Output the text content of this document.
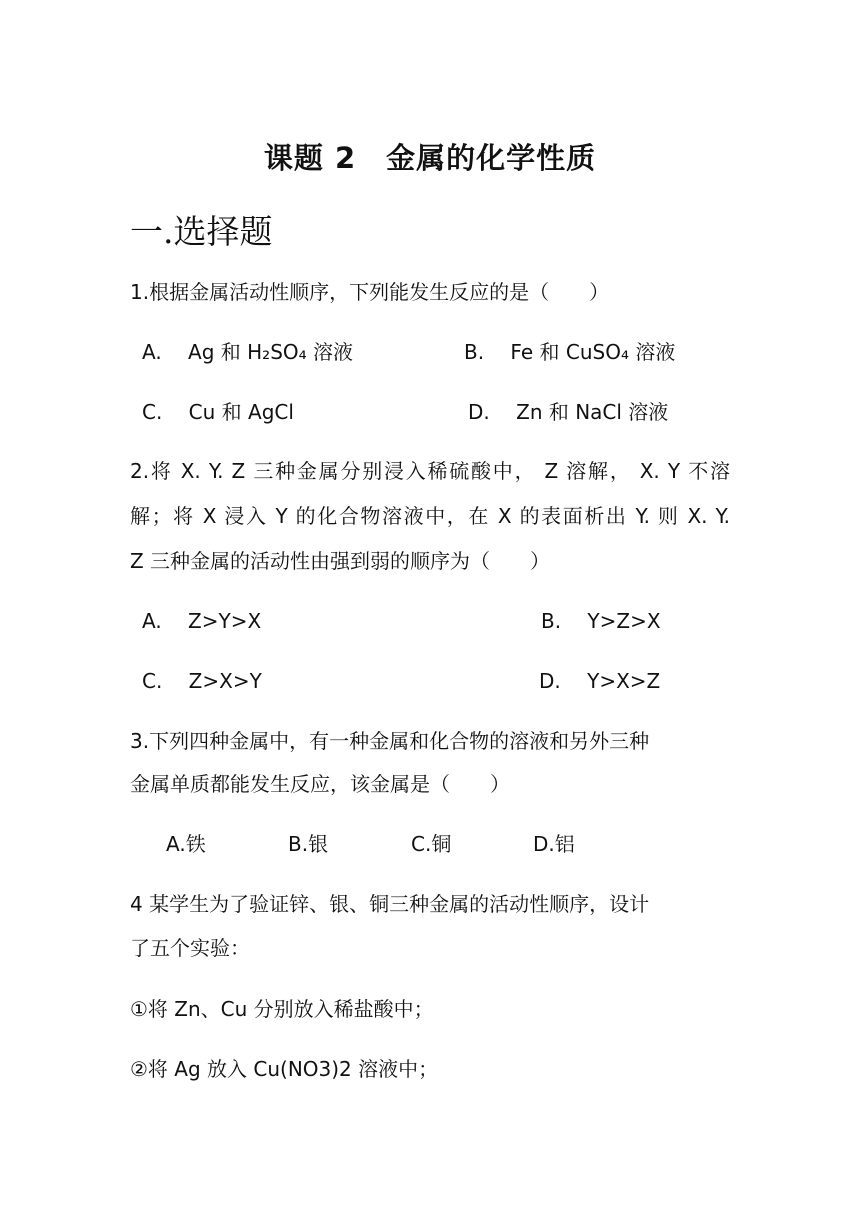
课题 2　金属的化学性质
一.选择题
1.根据金属活动性顺序，下列能发生反应的是（　　）
A.　 Ag 和 H₂SO₄ 溶液	B.　 Fe 和 CuSO₄ 溶液
C.　 Cu 和 AgCl	D.　 Zn 和 NaCl 溶液
2.将 X. Y. Z 三种金属分别浸入稀硫酸中， Z 溶解， X. Y 不溶
解；将 X 浸入 Y 的化合物溶液中，在 X 的表面析出 Y. 则 X. Y.
Z 三种金属的活动性由强到弱的顺序为（　　）
A.　 Z>Y>X	B.　 Y>Z>X
C.　 Z>X>Y	D.　 Y>X>Z
3.下列四种金属中，有一种金属和化合物的溶液和另外三种
金属单质都能发生反应，该金属是（　　）
A.铁	B.银	C.铜	D.铝
4 某学生为了验证锌、银、铜三种金属的活动性顺序，设计
了五个实验：
①将 Zn、Cu 分别放入稀盐酸中；
②将 Ag 放入 Cu(NO3)2 溶液中；
